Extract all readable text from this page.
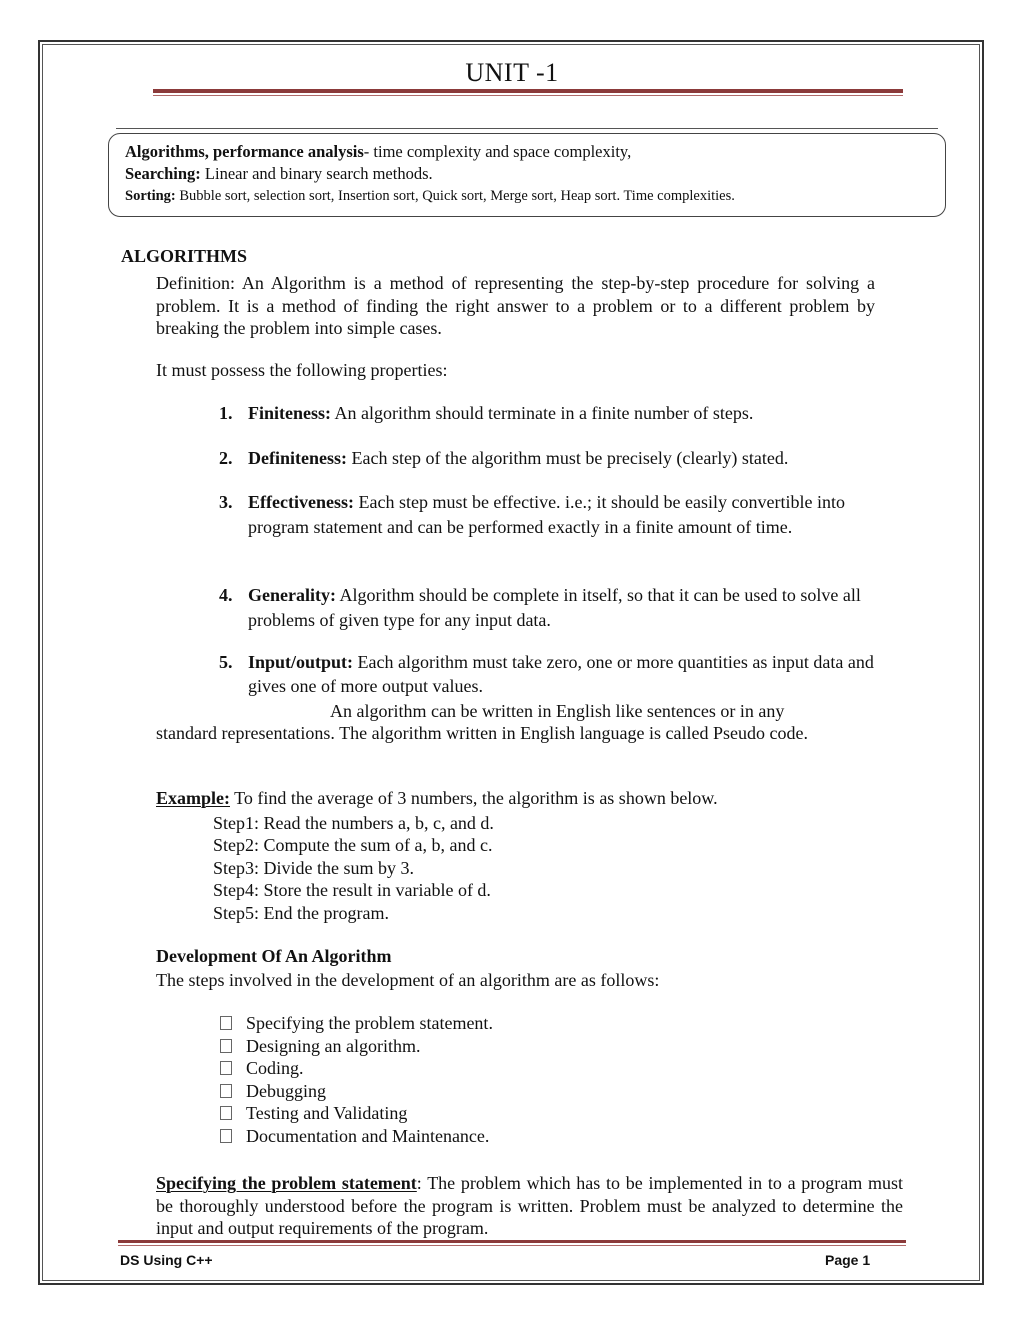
UNIT -1
Algorithms, performance analysis- time complexity and space complexity,
Searching: Linear and binary search methods.
Sorting: Bubble sort, selection sort, Insertion sort, Quick sort, Merge sort, Heap sort. Time complexities.
ALGORITHMS
Definition: An Algorithm is a method of representing the step-by-step procedure for solving a problem. It is a method of finding the right answer to a problem or to a different problem by breaking the problem into simple cases.
It must possess the following properties:
1. Finiteness: An algorithm should terminate in a finite number of steps.
2. Definiteness: Each step of the algorithm must be precisely (clearly) stated.
3. Effectiveness: Each step must be effective. i.e.; it should be easily convertible into program statement and can be performed exactly in a finite amount of time.
4. Generality: Algorithm should be complete in itself, so that it can be used to solve all problems of given type for any input data.
5. Input/output: Each algorithm must take zero, one or more quantities as input data and gives one of more output values.
An algorithm can be written in English like sentences or in any
standard representations. The algorithm written in English language is called Pseudo code.
Example: To find the average of 3 numbers, the algorithm is as shown below.
Step1: Read the numbers a, b, c, and d.
Step2: Compute the sum of a, b, and c.
Step3: Divide the sum by 3.
Step4: Store the result in variable of d.
Step5: End the program.
Development Of An Algorithm
The steps involved in the development of an algorithm are as follows:
Specifying the problem statement.
Designing an algorithm.
Coding.
Debugging
Testing and Validating
Documentation and Maintenance.
Specifying the problem statement: The problem which has to be implemented in to a program must be thoroughly understood before the program is written. Problem must be analyzed to determine the input and output requirements of the program.
DS Using C++	Page 1
